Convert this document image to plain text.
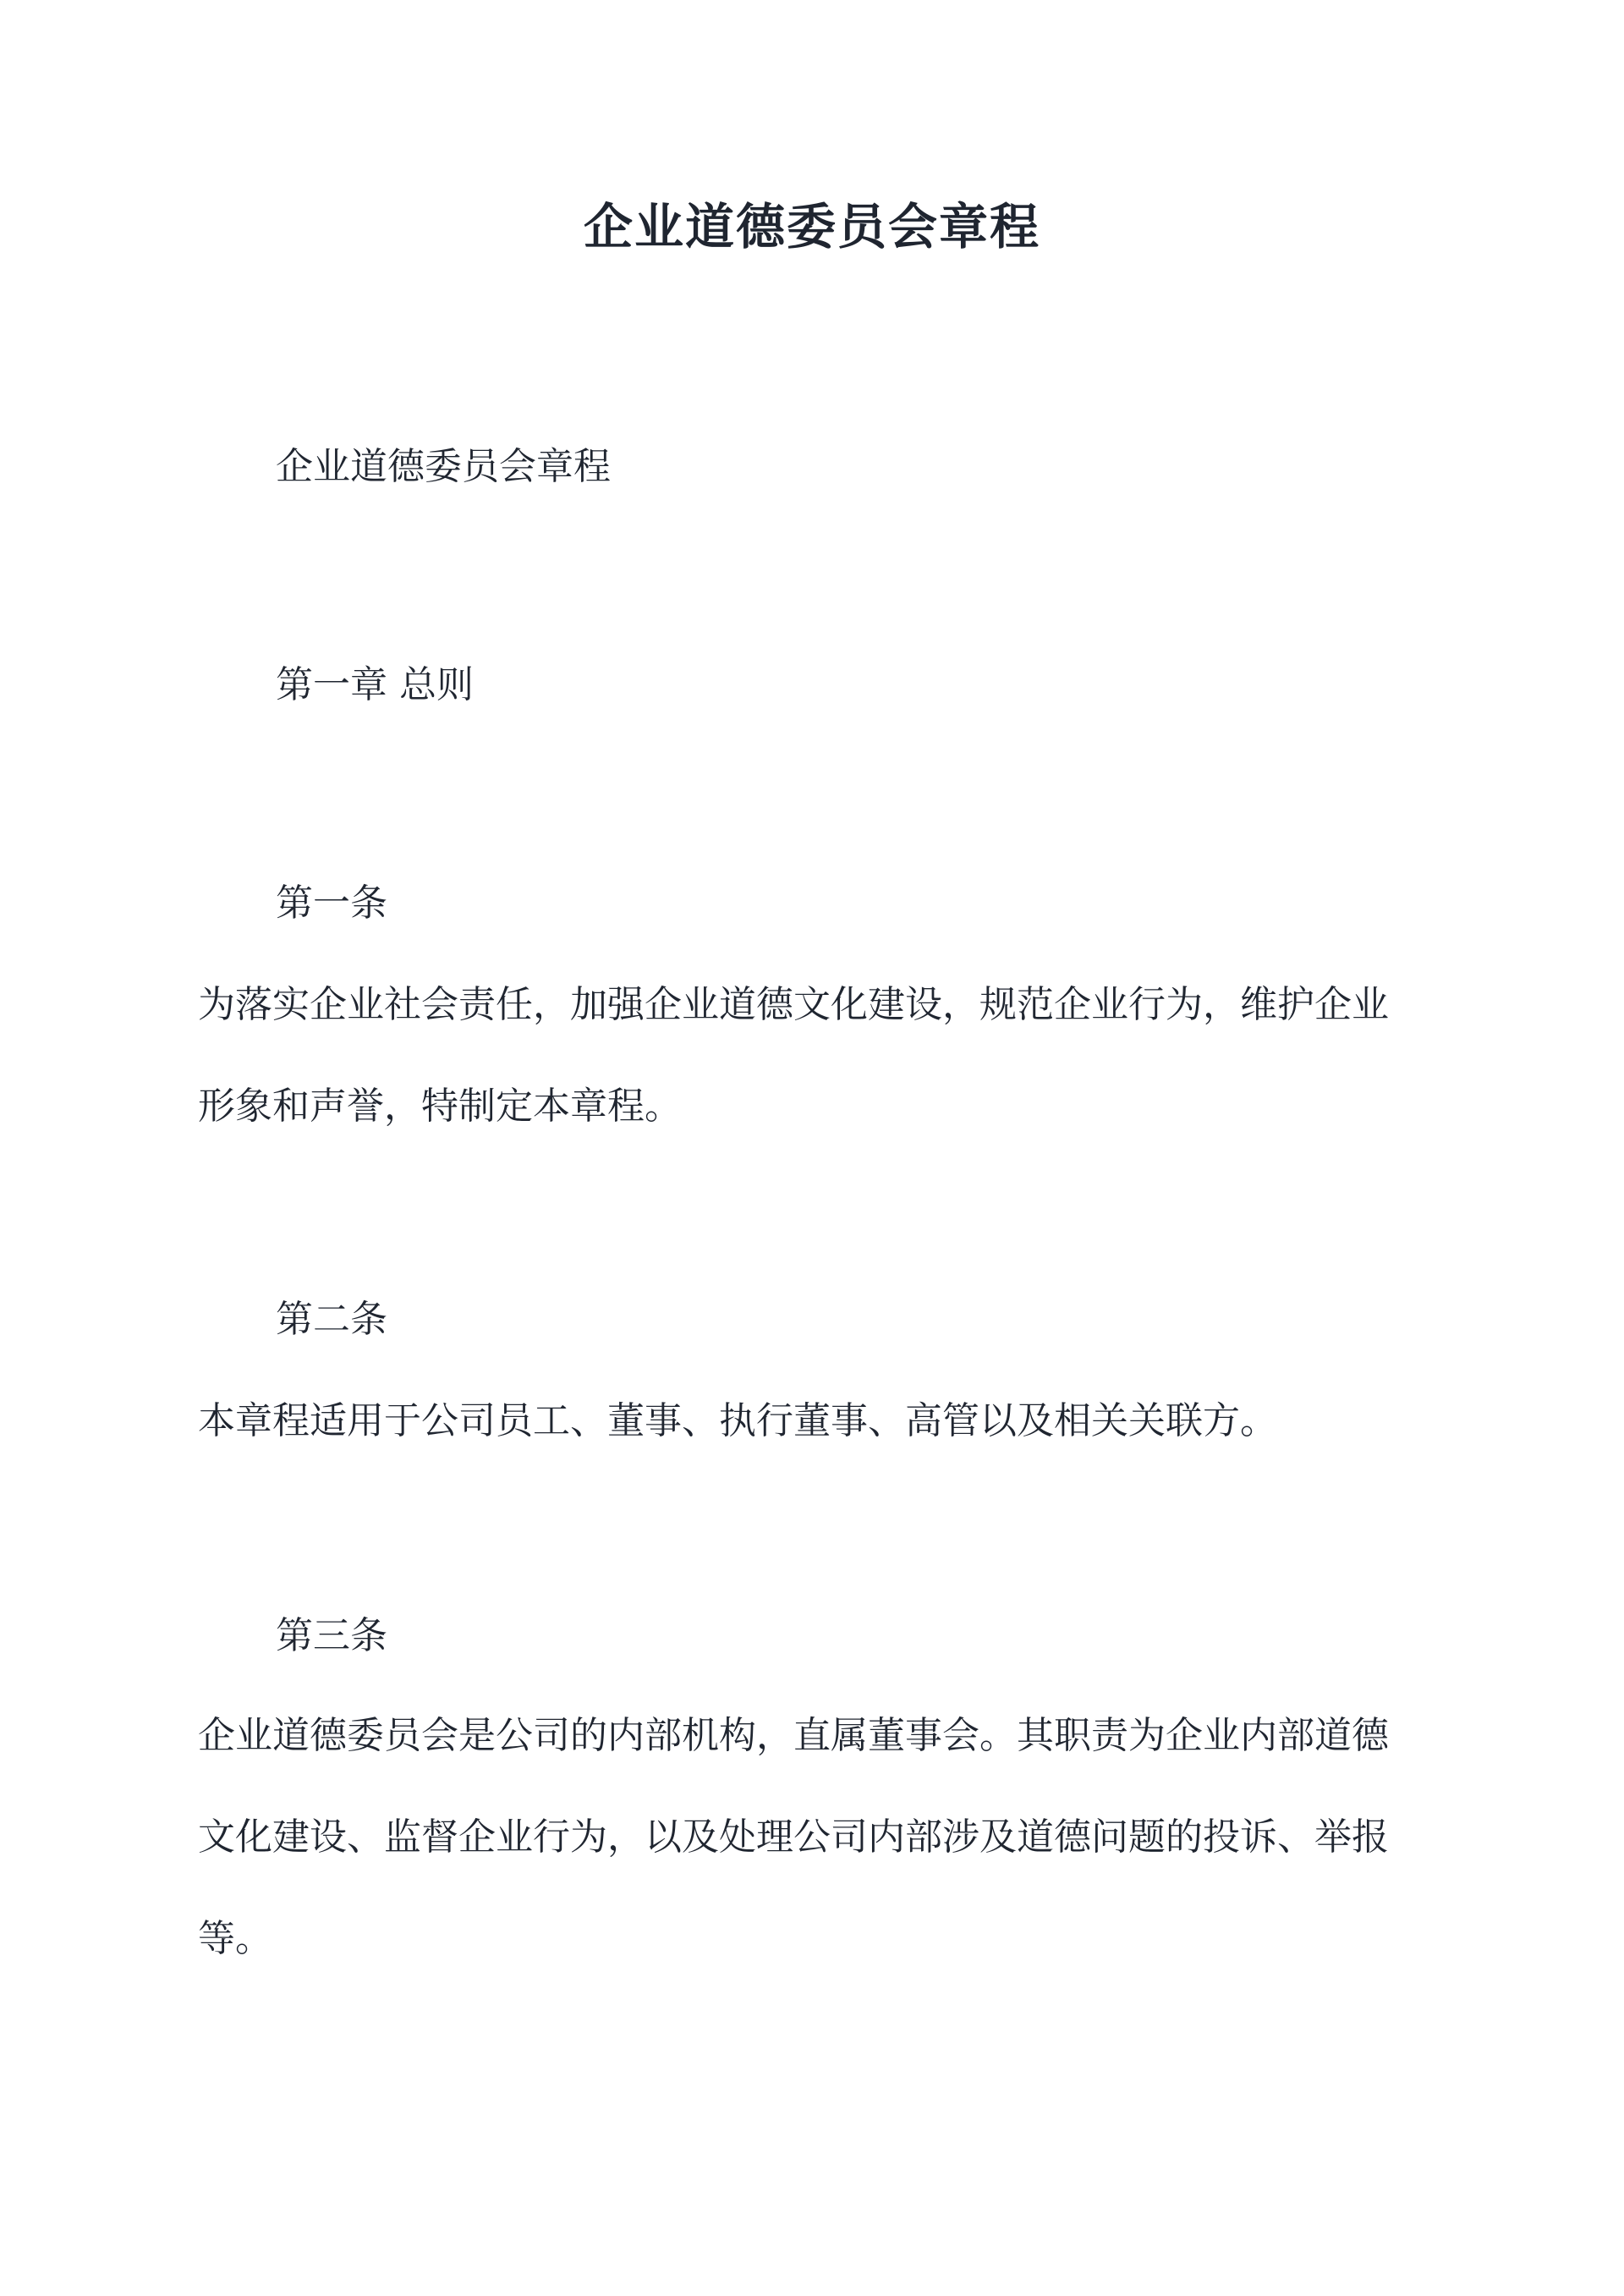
企业道德委员会章程

企业道德委员会章程

第一章 总则

第一条

为落实企业社会责任，加强企业道德文化建设，规范企业行为，维护企业

形象和声誉，特制定本章程。

第二条

本章程适用于公司员工、董事、执行董事、高管以及相关关联方。

第三条

企业道德委员会是公司的内部机构，直属董事会。其职责为企业内部道德

文化建设、监督企业行为，以及处理公司内部涉及道德问题的投诉、举报

等。
